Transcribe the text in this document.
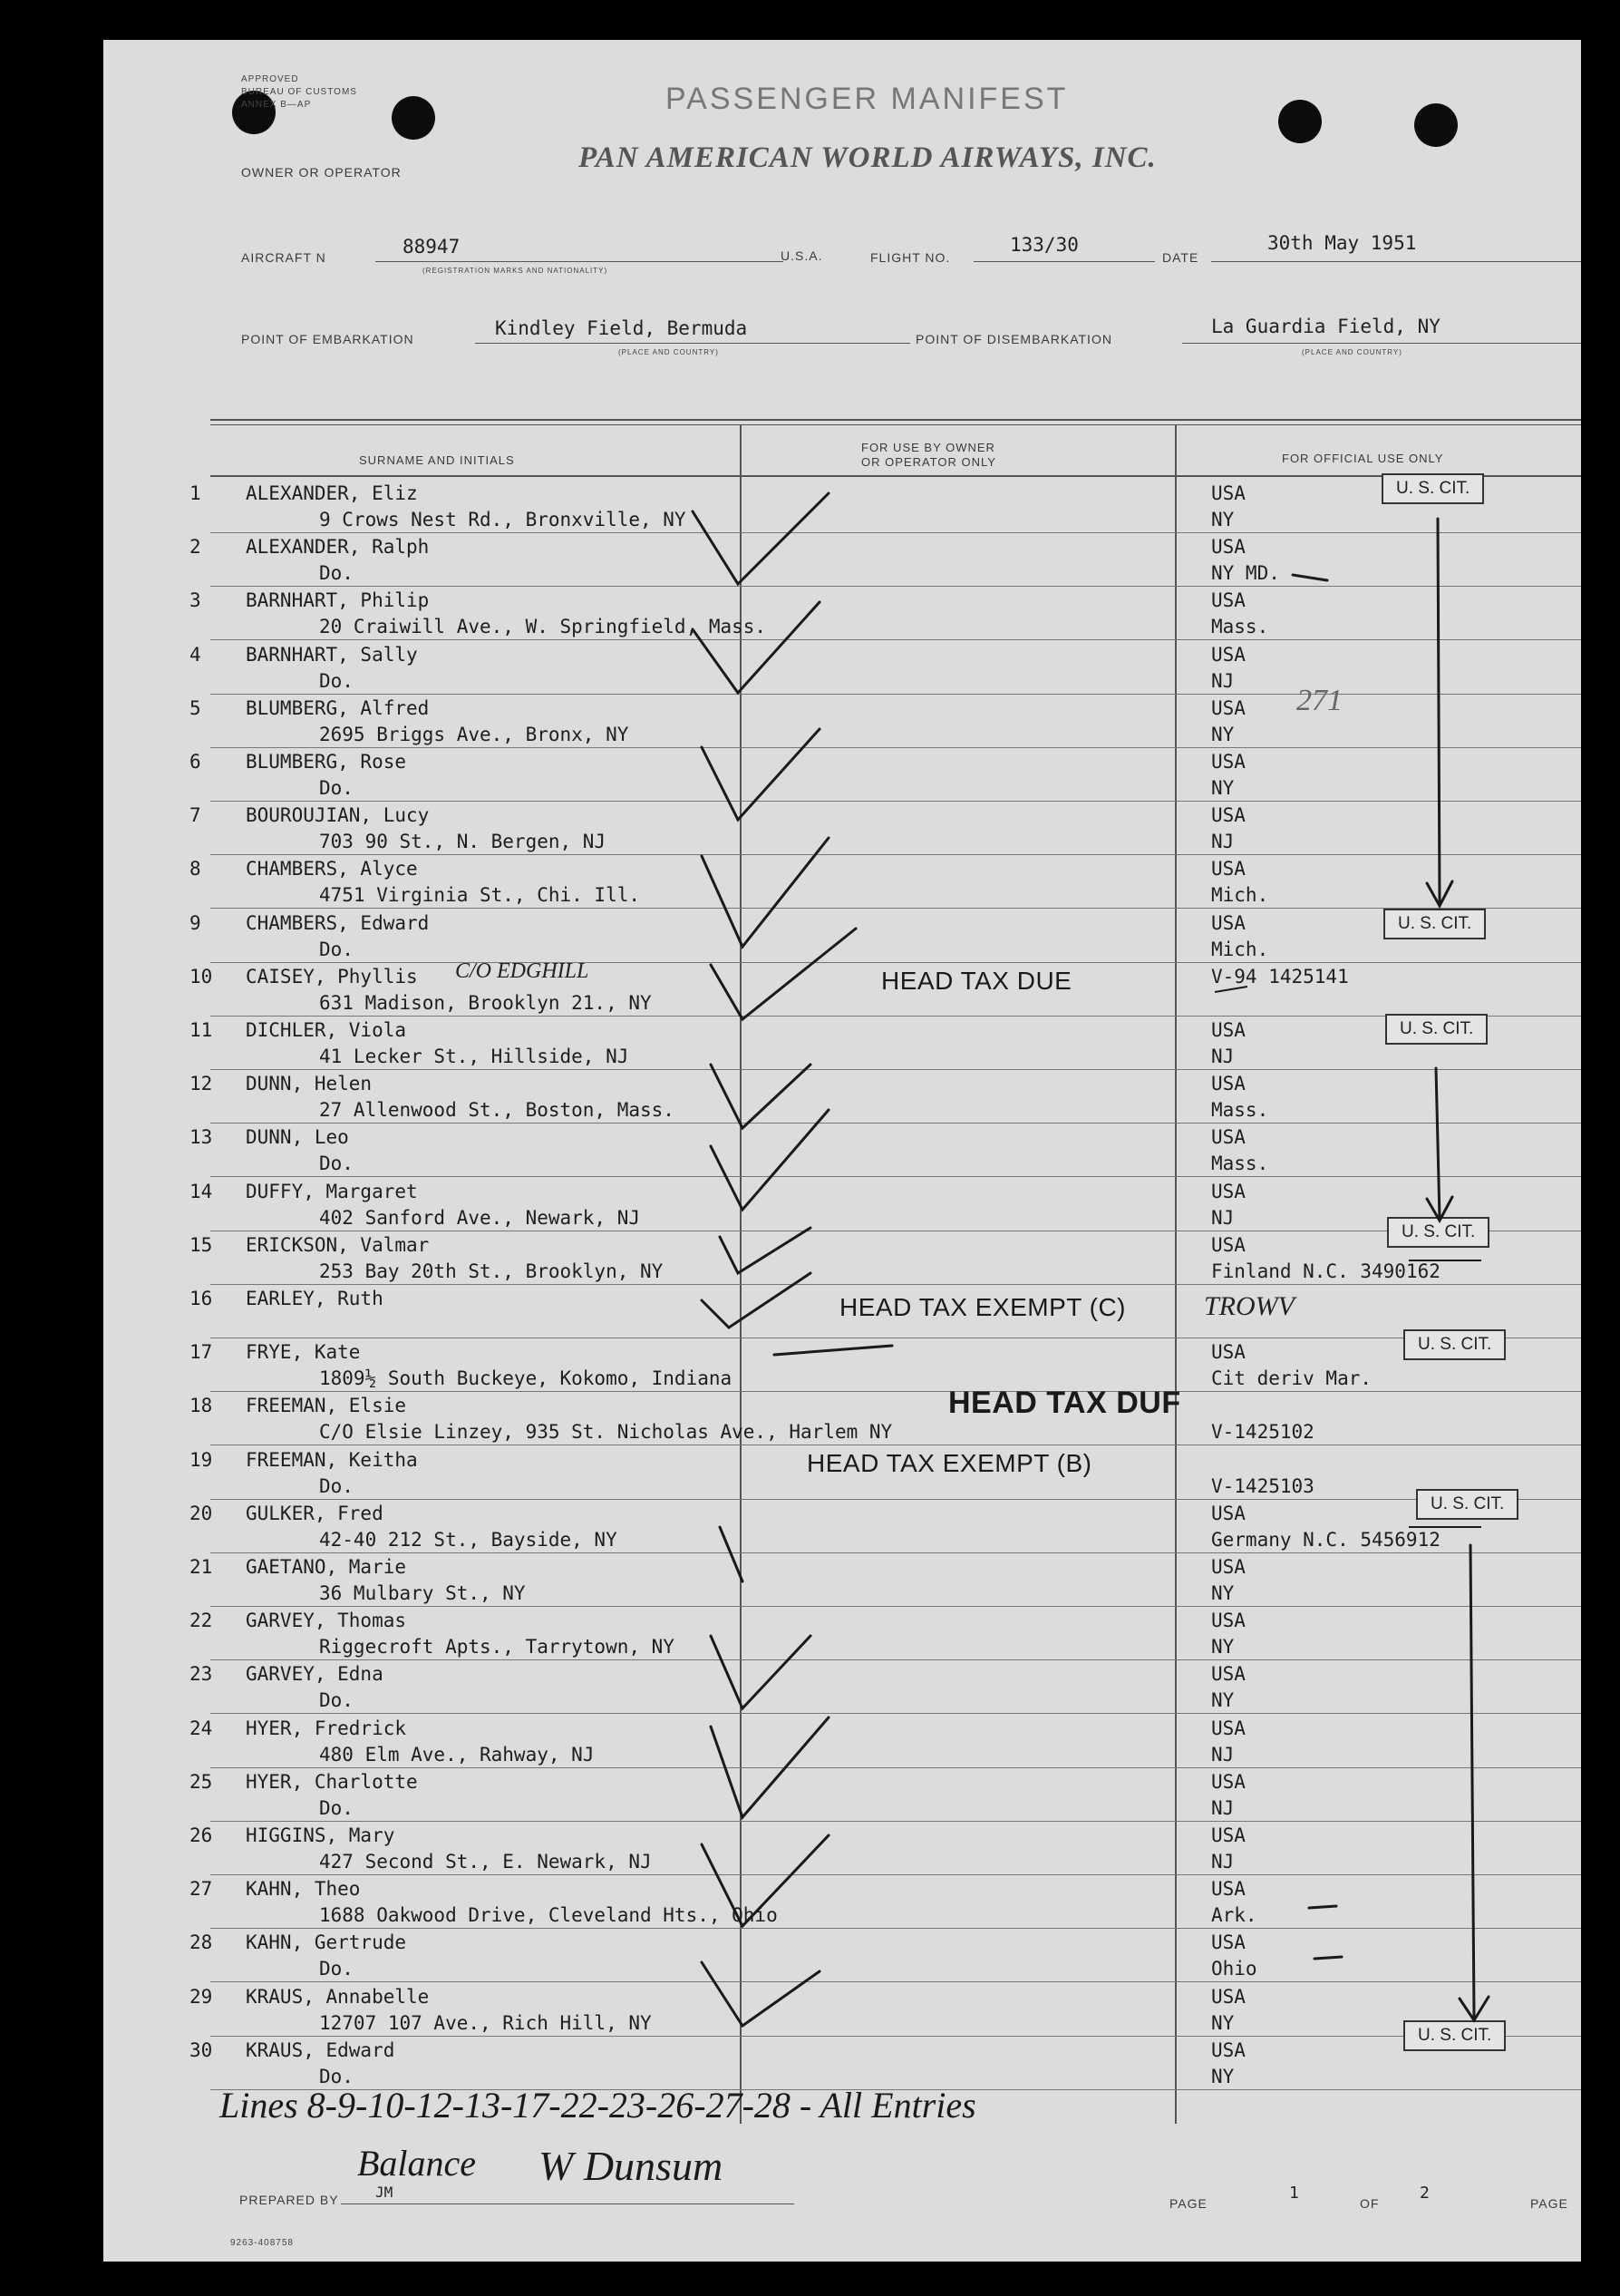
APPROVED
BUREAU OF CUSTOMS
ANNEX B—AP	PASSENGER MANIFEST
OWNER OR OPERATOR	PAN AMERICAN WORLD AIRWAYS, INC.
AIRCRAFT N	88947
(REGISTRATION MARKS AND NATIONALITY)
U.S.A.	FLIGHT NO.
133/30
DATE
30th May 1951
POINT OF EMBARKATION	Kindley Field, Bermuda
(PLACE AND COUNTRY)
POINT OF DISEMBARKATION
La Guardia Field, NY
(PLACE AND COUNTRY)
SURNAME AND INITIALS
FOR USE BY OWNER
OR OPERATOR ONLY	FOR OFFICIAL USE ONLY
1	ALEXANDER, Eliz
9 Crows Nest Rd., Bronxville, NY
USA
NY
2	ALEXANDER, Ralph
Do.
USA
NY MD.
3	BARNHART, Philip
20 Craiwill Ave., W. Springfield, Mass.
USA
Mass.
4	BARNHART, Sally
Do.
USA
NJ
5	BLUMBERG, Alfred
2695 Briggs Ave., Bronx, NY
USA
NY
6	BLUMBERG, Rose
Do.
USA
NY
7	BOUROUJIAN, Lucy
703 90 St., N. Bergen, NJ
USA
NJ
8	CHAMBERS, Alyce
4751 Virginia St., Chi. Ill.
USA
Mich.
9	CHAMBERS, Edward
Do.
USA
Mich.
10	CAISEY, Phyllis
631 Madison, Brooklyn 21., NY
V-94 1425141
11	DICHLER, Viola
41 Lecker St., Hillside, NJ
USA
NJ
12	DUNN, Helen
27 Allenwood St., Boston, Mass.
USA
Mass.
13	DUNN, Leo
Do.
USA
Mass.
14	DUFFY, Margaret
402 Sanford Ave., Newark, NJ
USA
NJ
15	ERICKSON, Valmar
253 Bay 20th St., Brooklyn, NY
USA
Finland N.C. 3490162
16	EARLEY, Ruth
17	FRYE, Kate
1809½ South Buckeye, Kokomo, Indiana
USA
Cit deriv Mar.
18	FREEMAN, Elsie
C/O Elsie Linzey, 935 St. Nicholas Ave., Harlem NY	V-1425102
19	FREEMAN, Keitha
Do.	V-1425103
20	GULKER, Fred
42-40 212 St., Bayside, NY
USA
Germany N.C. 5456912
21	GAETANO, Marie
36 Mulbary St., NY
USA
NY
22	GARVEY, Thomas
Riggecroft Apts., Tarrytown, NY
USA
NY
23	GARVEY, Edna
Do.
USA
NY
24	HYER, Fredrick
480 Elm Ave., Rahway, NJ
USA
NJ
25	HYER, Charlotte
Do.
USA
NJ
26	HIGGINS, Mary
427 Second St., E. Newark, NJ
USA
NJ
27	KAHN, Theo
1688 Oakwood Drive, Cleveland Hts., Ohio
USA
Ark.
28	KAHN, Gertrude
Do.
USA
Ohio
29	KRAUS, Annabelle
12707 107 Ave., Rich Hill, NY
USA
NY
30	KRAUS, Edward
Do.
USA
NY
U. S. CIT.
U. S. CIT.
U. S. CIT.
U. S. CIT.
U. S. CIT.
U. S. CIT.
U. S. CIT.
HEAD TAX DUE
HEAD TAX EXEMPT (C)
HEAD TAX DUF
HEAD TAX EXEMPT (B)
271
TROWV
C/O EDGHILL
Lines 8-9-10-12-13-17-22-23-26-27-28 - All Entries
Balance W Dunsum
PREPARED BY	JM
PAGE
1
OF
2
PAGE
9263-408758
